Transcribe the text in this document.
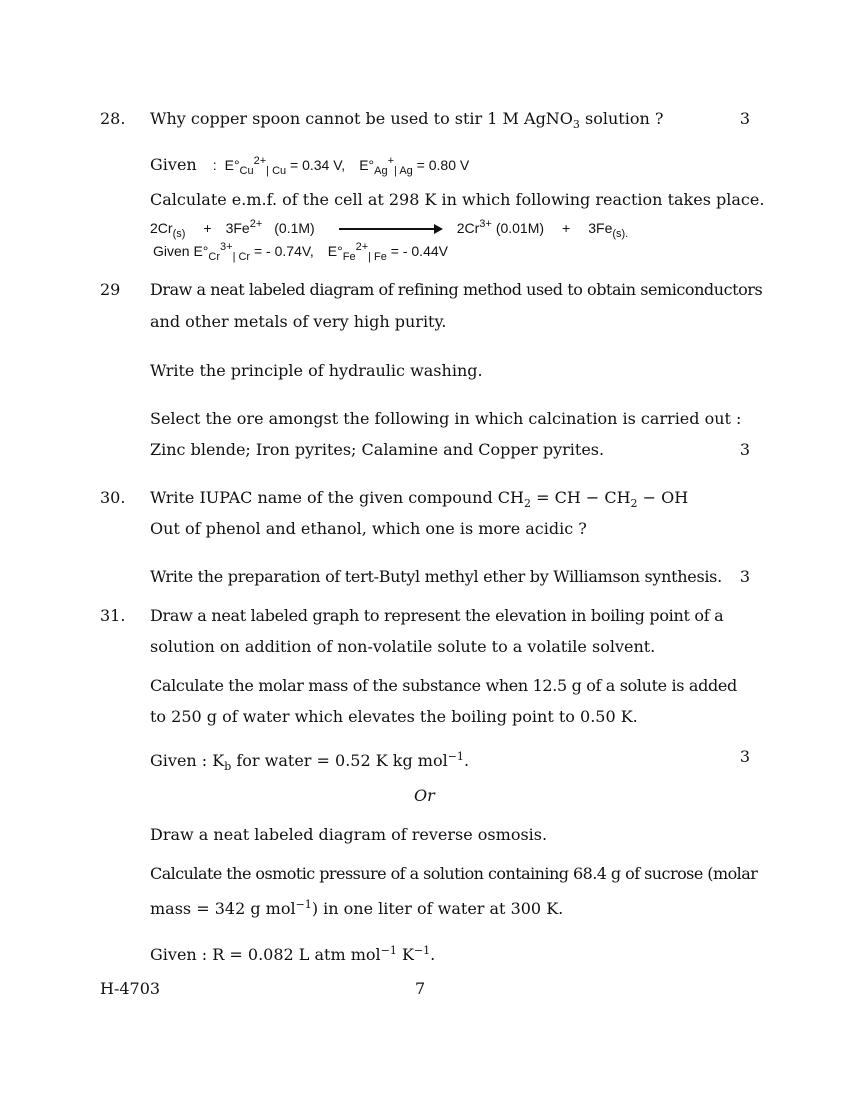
28. Why copper spoon cannot be used to stir 1 M AgNO$_3$ solution ?	3
Given : $E^\circ_{Cu}^{2+}_{| Cu} = 0.34$ V, $E^\circ_{Ag}^+_{| Ag} = 0.80$ V
Calculate e.m.f. of the cell at 298 K in which following reaction takes place.
$2Cr_{(s)} + 3Fe^{2+}$ (0.1M)	$2Cr^{3+}$ $(0.01M) + 3Fe_{(s).}$
Given $E^\circ_{Cr}^{3+}_{| Cr}$ = - 0.74V, $E^\circ_{Fe}^{2+}_{| Fe}$ = - 0.44V
29 Draw a neat labeled diagram of refining method used to obtain semiconductors
and other metals of very high purity.
Write the principle of hydraulic washing.
Select the ore amongst the following in which calcination is carried out :
Zinc blende; Iron pyrites; Calamine and Copper pyrites.	3
30. Write IUPAC name of the given compound $CH_2$ = CH − $CH_2$ − OH
Out of phenol and ethanol, which one is more acidic ?
Write the preparation of tert-Butyl methyl ether by Williamson synthesis. 3
31. Draw a neat labeled graph to represent the elevation in boiling point of a
solution on addition of non-volatile solute to a volatile solvent.
Calculate the molar mass of the substance when 12.5 g of a solute is added
to 250 g of water which elevates the boiling point to 0.50 K.
Given : $K_b$ for water = 0.52 K kg mol$^{-1}$.	3
Or
Draw a neat labeled diagram of reverse osmosis.
Calculate the osmotic pressure of a solution containing 68.4 g of sucrose (molar
mass = 342 g mol$^{-1}$) in one liter of water at 300 K.
Given : R = 0.082 L atm mol$^{-1}$ $K^{-1}$.
H-4703	7
